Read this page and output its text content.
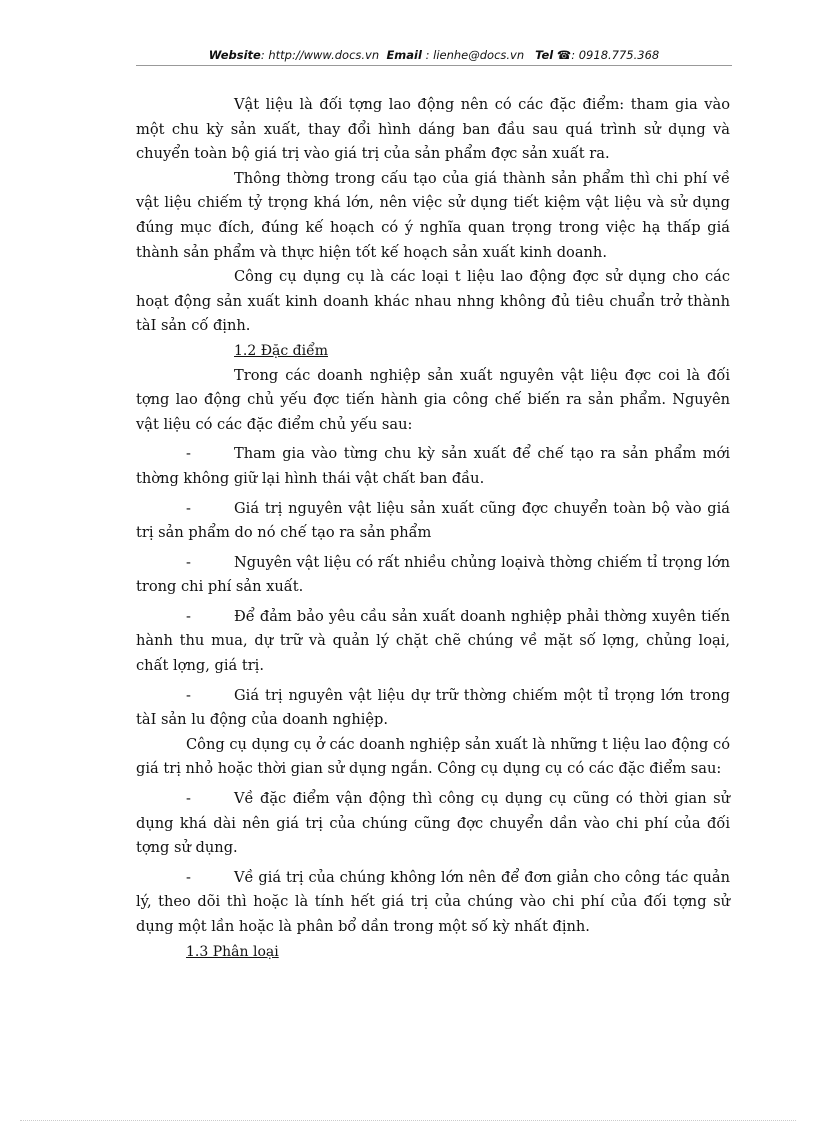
Website: http://www.docs.vn Email : lienhe@docs.vn Tel ☎: 0918.775.368

Vật liệu là đối tợng lao động nên có các đặc điểm: tham gia vào một chu kỳ sản xuất, thay đổi hình dáng ban đầu sau quá trình sử dụng và chuyển toàn bộ giá trị vào giá trị của sản phẩm đợc sản xuất ra.

Thông thờng trong cấu tạo của giá thành sản phẩm thì chi phí về vật liệu chiếm tỷ trọng khá lớn, nên việc sử dụng tiết kiệm vật liệu và sử dụng đúng mục đích, đúng kế hoạch có ý nghĩa quan trọng trong việc hạ thấp giá thành sản phẩm và thực hiện tốt kế hoạch sản xuất kinh doanh.

Công cụ dụng cụ là các loại t liệu lao động đợc sử dụng cho các hoạt động sản xuất kinh doanh khác nhau nhng không đủ tiêu chuẩn trở thành tàI sản cố định.

1.2 Đặc điểm

Trong các doanh nghiệp sản xuất nguyên vật liệu đợc coi là đối tợng lao động chủ yếu đợc tiến hành gia công chế biến ra sản phẩm. Nguyên vật liệu có các đặc điểm chủ yếu sau:

-	Tham gia vào từng chu kỳ sản xuất để chế tạo ra sản phẩm mới thờng không giữ lại hình thái vật chất ban đầu.

-	Giá trị nguyên vật liệu sản xuất cũng đợc chuyển toàn bộ vào giá trị sản phẩm do nó chế tạo ra sản phẩm

-	Nguyên vật liệu có rất nhiều chủng loạivà thờng chiếm tỉ trọng lớn trong chi phí sản xuất.

-	Để đảm bảo yêu cầu sản xuất doanh nghiệp phải thờng xuyên tiến hành thu mua, dự trữ và quản lý chặt chẽ chúng về mặt số lợng, chủng loại, chất lợng, giá trị.

-	Giá trị nguyên vật liệu dự trữ thờng chiếm một tỉ trọng lớn trong tàI sản lu động của doanh nghiệp.

Công cụ dụng cụ ở các doanh nghiệp sản xuất là những t liệu lao động có giá trị nhỏ hoặc thời gian sử dụng ngắn. Công cụ dụng cụ có các đặc điểm sau:

-	Về đặc điểm vận động thì công cụ dụng cụ cũng có thời gian sử dụng khá dài nên giá trị của chúng cũng đợc chuyển dần vào chi phí của đối tợng sử dụng.

-	Về giá trị của chúng không lớn nên để đơn giản cho công tác quản lý, theo dõi thì hoặc là tính hết giá trị của chúng vào chi phí của đối tợng sử dụng một lần hoặc là phân bổ dần trong một số kỳ nhất định.

1.3 Phân loại
